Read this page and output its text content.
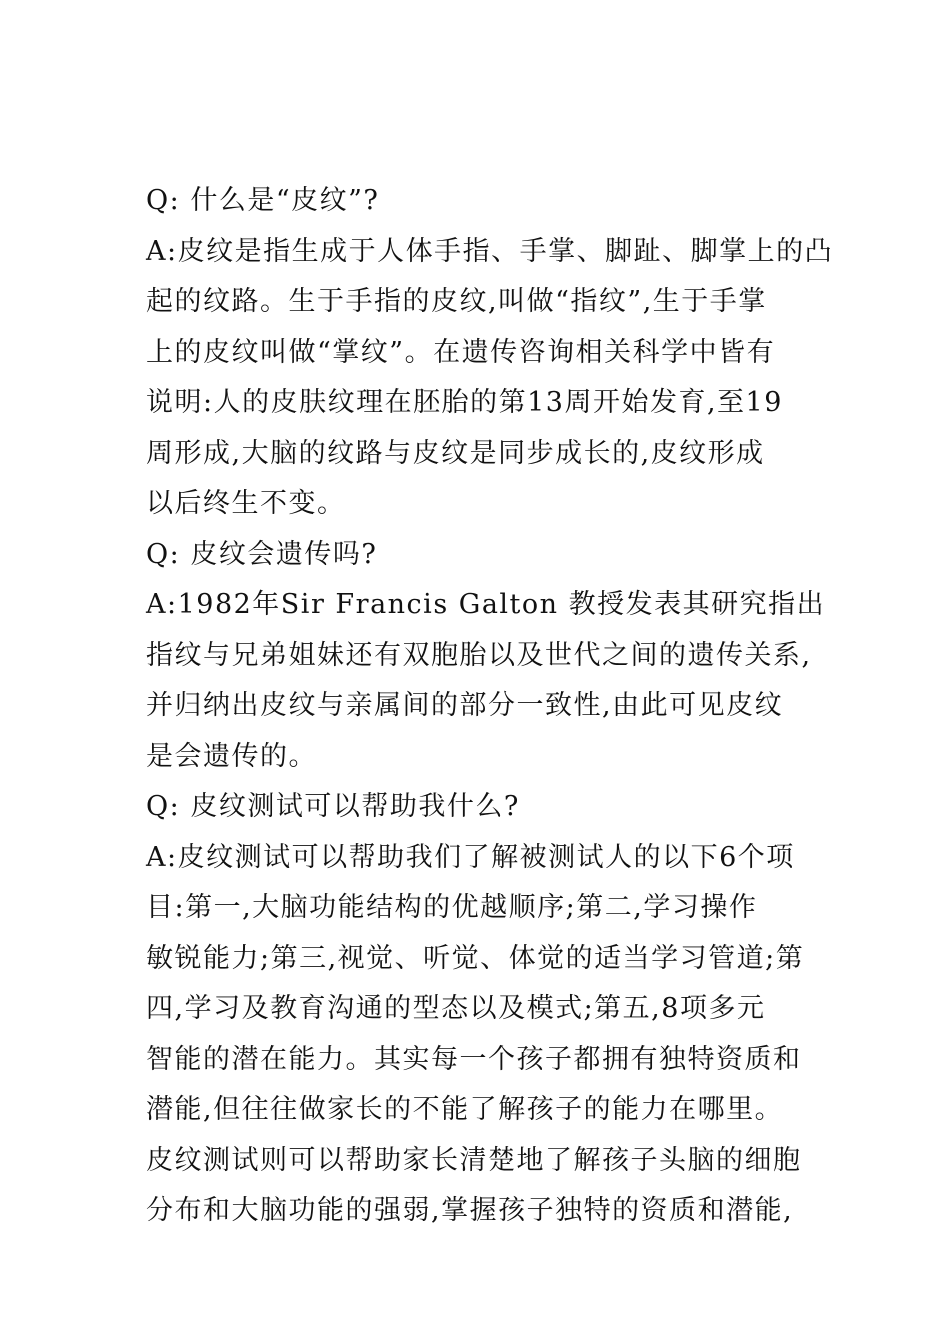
Q: 什么是“皮纹”?
A:皮纹是指生成于人体手指、手掌、脚趾、脚掌上的凸
起的纹路。生于手指的皮纹,叫做“指纹”,生于手掌
上的皮纹叫做“掌纹”。在遗传咨询相关科学中皆有
说明:人的皮肤纹理在胚胎的第13周开始发育,至19
周形成,大脑的纹路与皮纹是同步成长的,皮纹形成
以后终生不变。
Q: 皮纹会遗传吗?
A:1982年Sir Francis Galton 教授发表其研究指出
指纹与兄弟姐妹还有双胞胎以及世代之间的遗传关系,
并归纳出皮纹与亲属间的部分一致性,由此可见皮纹
是会遗传的。
Q: 皮纹测试可以帮助我什么?
A:皮纹测试可以帮助我们了解被测试人的以下6个项
目:第一,大脑功能结构的优越顺序;第二,学习操作
敏锐能力;第三,视觉、听觉、体觉的适当学习管道;第
四,学习及教育沟通的型态以及模式;第五,8项多元
智能的潜在能力。其实每一个孩子都拥有独特资质和
潜能,但往往做家长的不能了解孩子的能力在哪里。
皮纹测试则可以帮助家长清楚地了解孩子头脑的细胞
分布和大脑功能的强弱,掌握孩子独特的资质和潜能,
